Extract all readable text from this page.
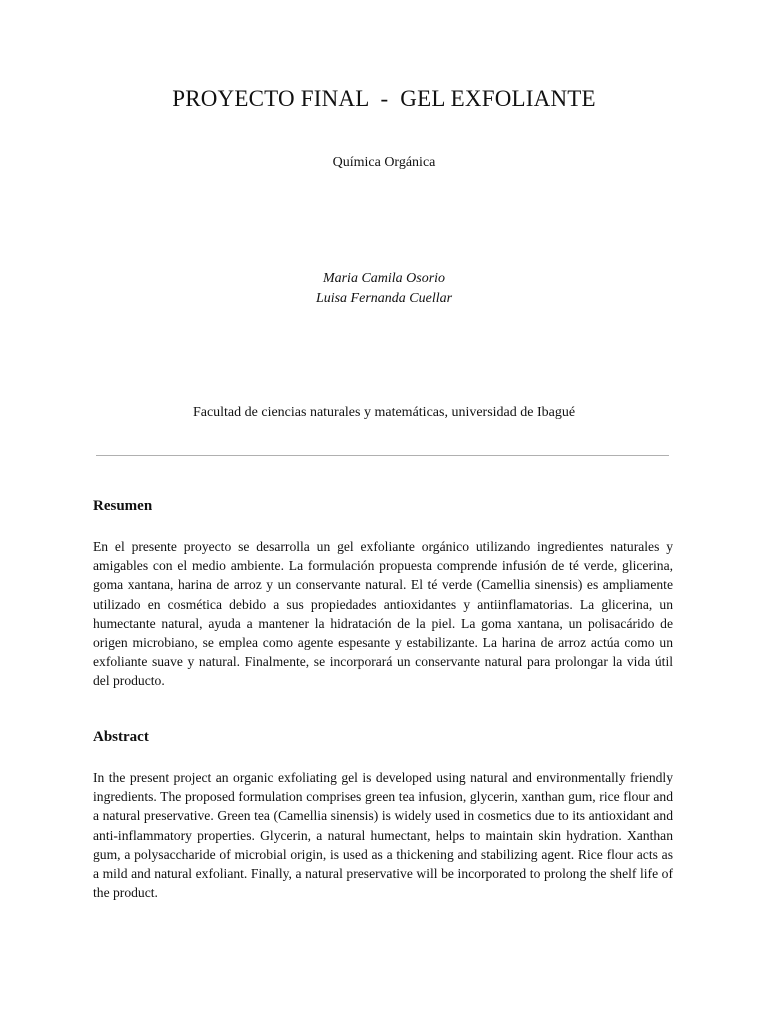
PROYECTO FINAL  -  GEL EXFOLIANTE
Química Orgánica
Maria Camila Osorio
Luisa Fernanda Cuellar
Facultad de ciencias naturales y matemáticas, universidad de Ibagué
Resumen
En el presente proyecto se desarrolla un gel exfoliante orgánico utilizando ingredientes naturales y amigables con el medio ambiente. La formulación propuesta comprende infusión de té verde, glicerina, goma xantana, harina de arroz y un conservante natural. El té verde (Camellia sinensis) es ampliamente utilizado en cosmética debido a sus propiedades antioxidantes y antiinflamatorias. La glicerina, un humectante natural, ayuda a mantener la hidratación de la piel. La goma xantana, un polisacárido de origen microbiano, se emplea como agente espesante y estabilizante. La harina de arroz actúa como un exfoliante suave y natural. Finalmente, se incorporará un conservante natural para prolongar la vida útil del producto.
Abstract
In the present project an organic exfoliating gel is developed using natural and environmentally friendly ingredients. The proposed formulation comprises green tea infusion, glycerin, xanthan gum, rice flour and a natural preservative. Green tea (Camellia sinensis) is widely used in cosmetics due to its antioxidant and anti-inflammatory properties. Glycerin, a natural humectant, helps to maintain skin hydration. Xanthan gum, a polysaccharide of microbial origin, is used as a thickening and stabilizing agent. Rice flour acts as a mild and natural exfoliant. Finally, a natural preservative will be incorporated to prolong the shelf life of the product.
